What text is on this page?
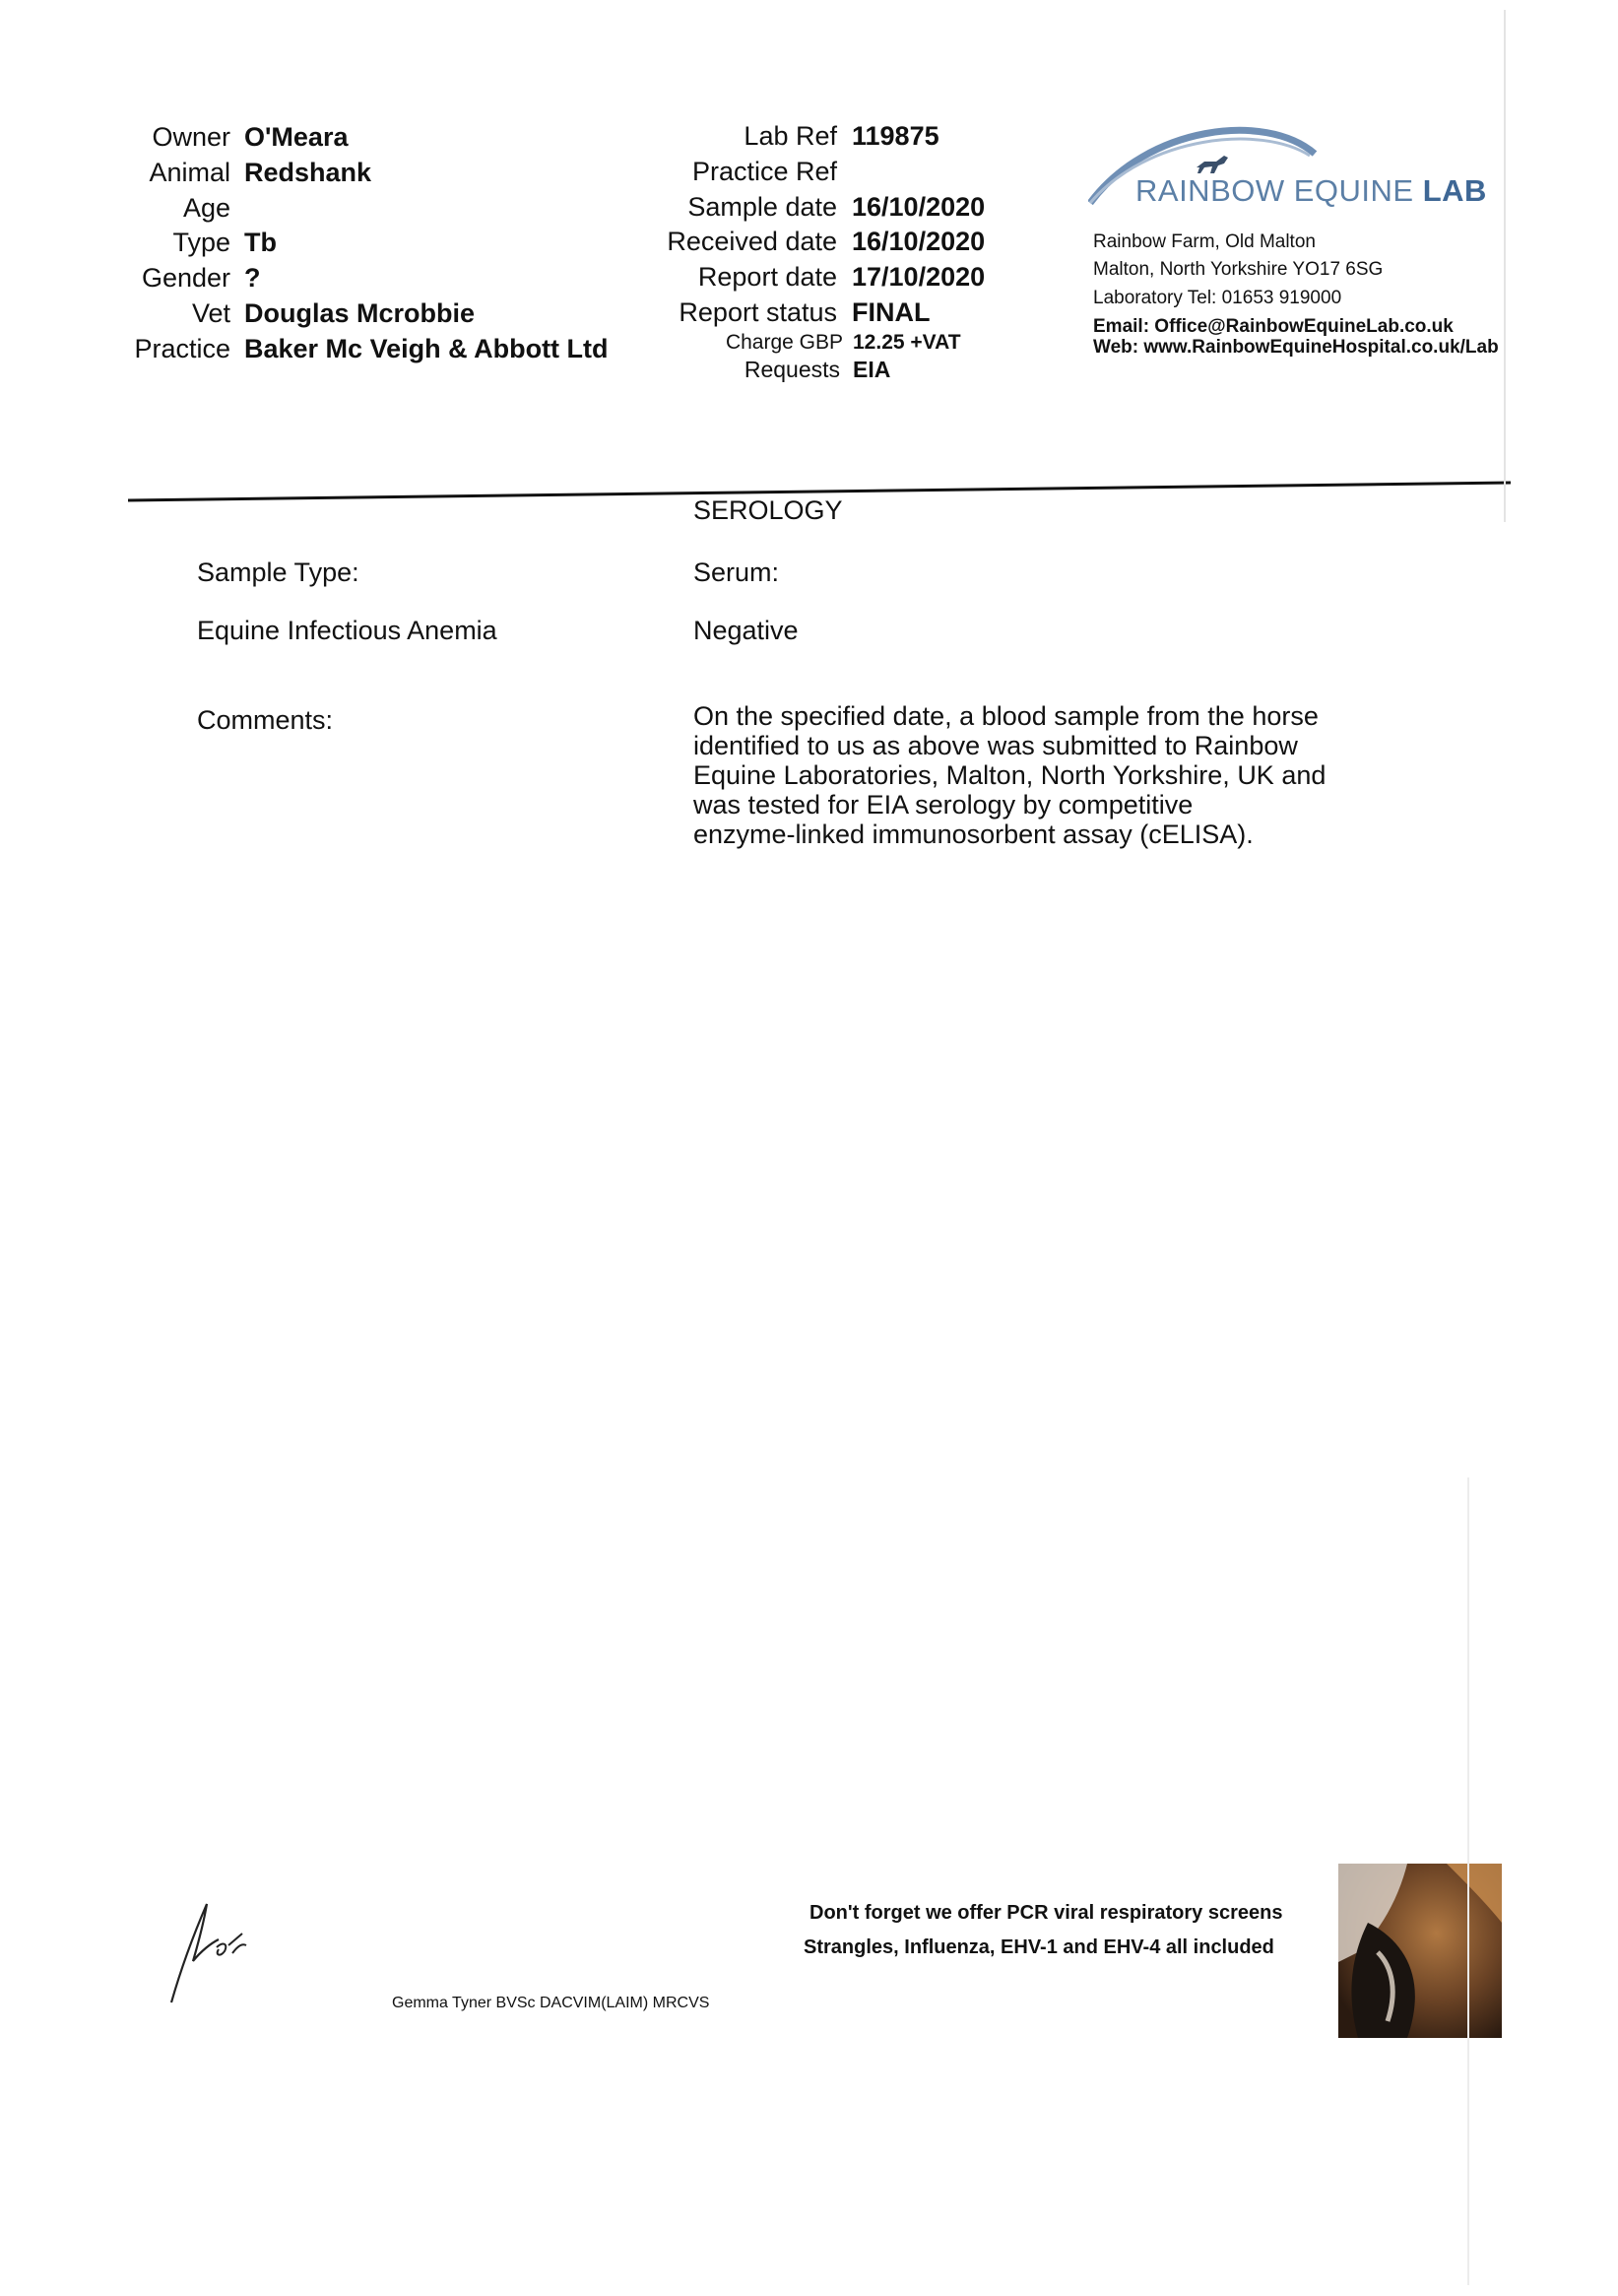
Owner O'Meara
Animal Redshank
Age
Type Tb
Gender ?
Vet Douglas Mcrobbie
Practice Baker Mc Veigh & Abbott Ltd
Lab Ref 119875
Practice Ref
Sample date 16/10/2020
Received date 16/10/2020
Report date 17/10/2020
Report status FINAL
Charge GBP 12.25 +VAT
Requests EIA
RAINBOW EQUINE LAB
Rainbow Farm, Old Malton
Malton, North Yorkshire YO17 6SG
Laboratory Tel: 01653 919000
Email: Office@RainbowEquineLab.co.uk
Web: www.RainbowEquineHospital.co.uk/Lab
SEROLOGY
Sample Type:	Serum:
Equine Infectious Anemia	Negative
Comments:	On the specified date, a blood sample from the horse
identified to us as above was submitted to Rainbow
Equine Laboratories, Malton, North Yorkshire, UK and
was tested for EIA serology by competitive
enzyme-linked immunosorbent assay (cELISA).
Gemma Tyner BVSc DACVIM(LAIM) MRCVS
Don't forget we offer PCR viral respiratory screens
Strangles, Influenza, EHV-1 and EHV-4 all included
